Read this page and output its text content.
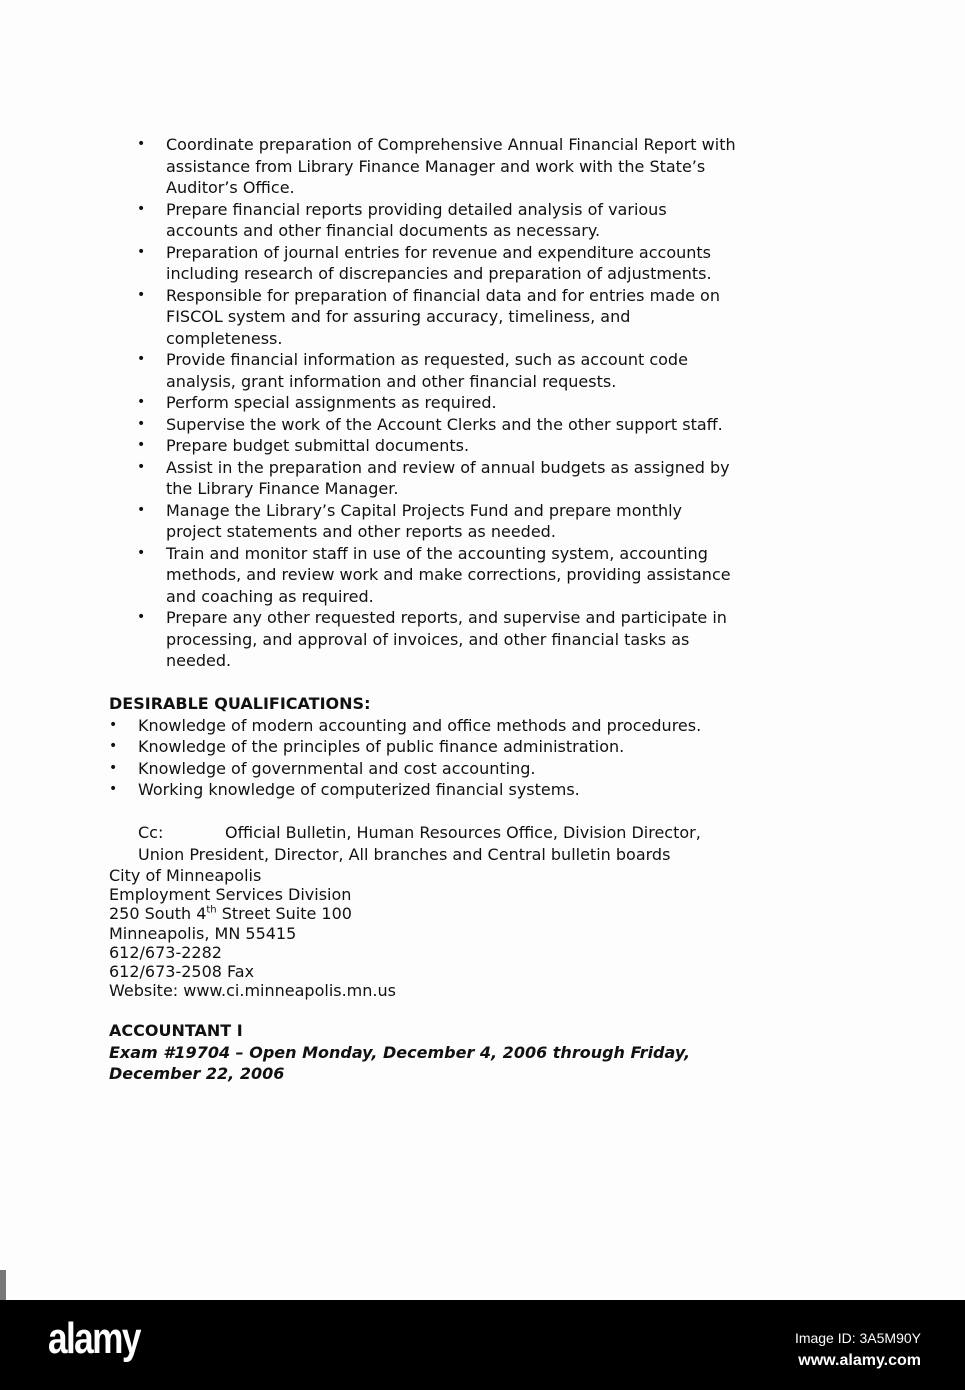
•	Coordinate preparation of Comprehensive Annual Financial Report with
assistance from Library Finance Manager and work with the State’s
Auditor’s Office.
•	Prepare financial reports providing detailed analysis of various
accounts and other financial documents as necessary.
•	Preparation of journal entries for revenue and expenditure accounts
including research of discrepancies and preparation of adjustments.
•	Responsible for preparation of financial data and for entries made on
FISCOL system and for assuring accuracy, timeliness, and
completeness.
•	Provide financial information as requested, such as account code
analysis, grant information and other financial requests.
•	Perform special assignments as required.
•	Supervise the work of the Account Clerks and the other support staff.
•	Prepare budget submittal documents.
•	Assist in the preparation and review of annual budgets as assigned by
the Library Finance Manager.
•	Manage the Library’s Capital Projects Fund and prepare monthly
project statements and other reports as needed.
•	Train and monitor staff in use of the accounting system, accounting
methods, and review work and make corrections, providing assistance
and coaching as required.
•	Prepare any other requested reports, and supervise and participate in
processing, and approval of invoices, and other financial tasks as
needed.
DESIRABLE QUALIFICATIONS:
•	Knowledge of modern accounting and office methods and procedures.
•	Knowledge of the principles of public finance administration.
•	Knowledge of governmental and cost accounting.
•	Working knowledge of computerized financial systems.
Cc:	Official Bulletin, Human Resources Office, Division Director,
Union President, Director, All branches and Central bulletin boards
City of Minneapolis
Employment Services Division
250 South 4th Street Suite 100
Minneapolis, MN 55415
612/673-2282
612/673-2508 Fax
Website: www.ci.minneapolis.mn.us
ACCOUNTANT I
Exam #19704 – Open Monday, December 4, 2006 through Friday,
December 22, 2006
alamy	Image ID: 3A5M90Y
www.alamy.com
